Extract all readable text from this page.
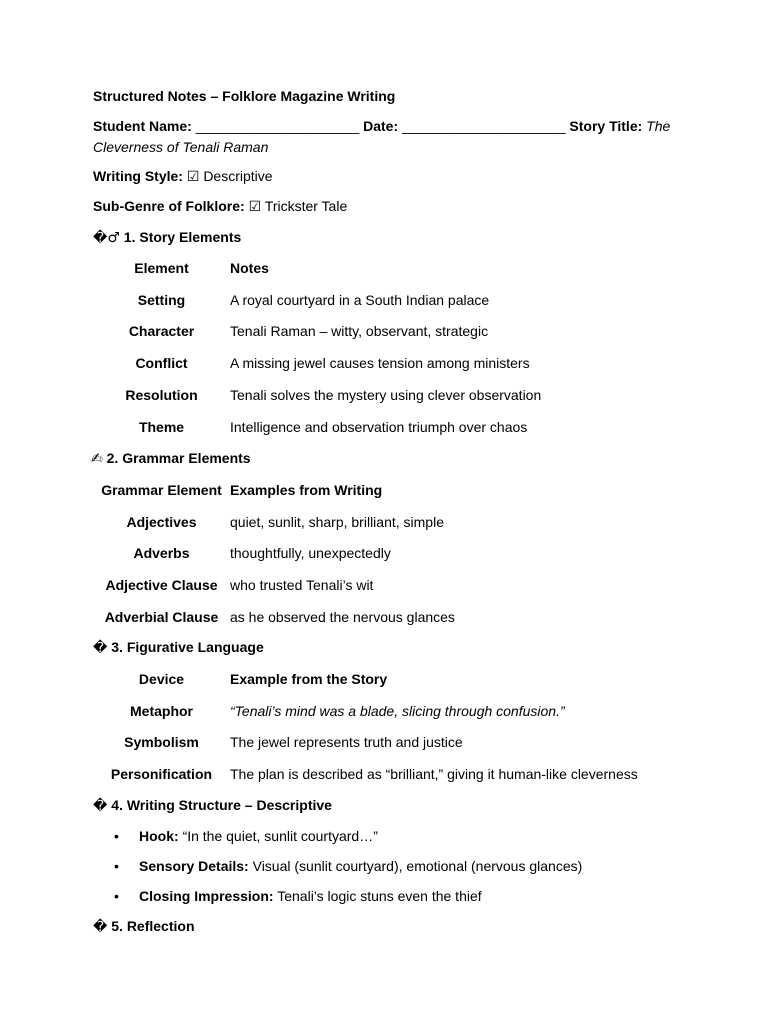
Structured Notes – Folklore Magazine Writing
Student Name: _____________________ Date: _____________________ Story Title: The Cleverness of Tenali Raman
Writing Style: ☑ Descriptive
Sub-Genre of Folklore: ☑ Trickster Tale
�♂ 1. Story Elements
Element	Notes
Setting	A royal courtyard in a South Indian palace
Character	Tenali Raman – witty, observant, strategic
Conflict	A missing jewel causes tension among ministers
Resolution	Tenali solves the mystery using clever observation
Theme	Intelligence and observation triumph over chaos
✍ 2. Grammar Elements
Grammar Element	Examples from Writing
Adjectives	quiet, sunlit, sharp, brilliant, simple
Adverbs	thoughtfully, unexpectedly
Adjective Clause	who trusted Tenali’s wit
Adverbial Clause	as he observed the nervous glances
� 3. Figurative Language
Device	Example from the Story
Metaphor	“Tenali’s mind was a blade, slicing through confusion.”
Symbolism	The jewel represents truth and justice
Personification	The plan is described as “brilliant,” giving it human-like cleverness
� 4. Writing Structure – Descriptive
• Hook: “In the quiet, sunlit courtyard…”
• Sensory Details: Visual (sunlit courtyard), emotional (nervous glances)
• Closing Impression: Tenali’s logic stuns even the thief
� 5. Reflection
